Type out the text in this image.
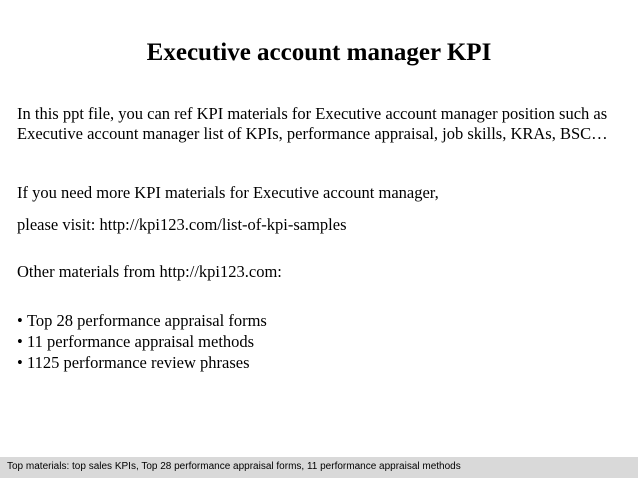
Executive account manager KPI

In this ppt file, you can ref KPI materials for Executive account manager position such as Executive account manager list of KPIs, performance appraisal, job skills, KRAs, BSC…

If you need more KPI materials for Executive account manager,

please visit: http://kpi123.com/list-of-kpi-samples

Other materials from http://kpi123.com:

• Top 28 performance appraisal forms
• 11 performance appraisal methods
• 1125 performance review phrases
Top materials: top sales KPIs, Top 28 performance appraisal forms, 11 performance appraisal methods
